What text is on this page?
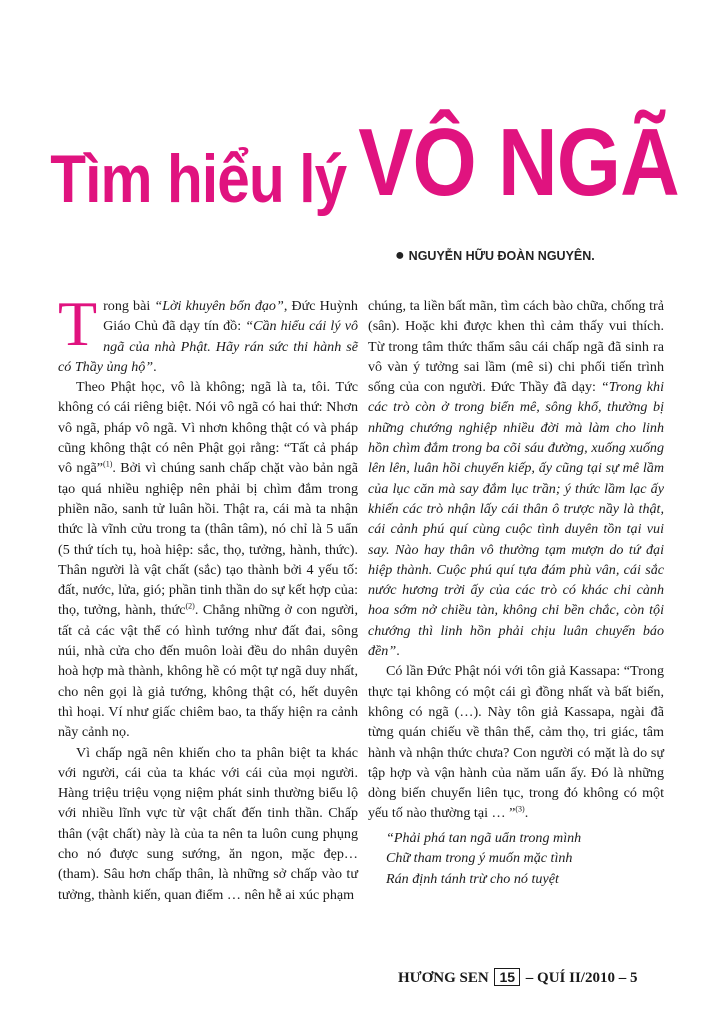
Tìm hiểu lý VÔ NGÃ
● NGUYỄN HỮU ĐOÀN NGUYÊN.

Trong bài “Lời khuyên bổn đạo”, Đức Huỳnh Giáo Chủ đã dạy tín đồ: “Cần hiểu cái lý vô ngã của nhà Phật. Hãy rán sức thi hành sẽ có Thầy ủng hộ”.

Theo Phật học, vô là không; ngã là ta, tôi. Tức không có cái riêng biệt. Nói vô ngã có hai thứ: Nhơn vô ngã, pháp vô ngã. Vì nhơn không thật có và pháp cũng không thật có nên Phật gọi rằng: “Tất cả pháp vô ngã”$^{(1)}$. Bởi vì chúng sanh chấp chặt vào bản ngã tạo quá nhiều nghiệp nên phải bị chìm đắm trong phiền não, sanh tử luân hồi. Thật ra, cái mà ta nhận thức là vĩnh cửu trong ta (thân tâm), nó chỉ là 5 uẩn (5 thứ tích tụ, hoà hiệp: sắc, thọ, tưởng, hành, thức). Thân người là vật chất (sắc) tạo thành bởi 4 yếu tố: đất, nước, lửa, gió; phần tinh thần do sự kết hợp của: thọ, tưởng, hành, thức$^{(2)}$. Chẳng những ở con người, tất cả các vật thể có hình tướng như đất đai, sông núi, nhà cửa cho đến muôn loài đều do nhân duyên hoà hợp mà thành, không hề có một tự ngã duy nhất, cho nên gọi là giả tướng, không thật có, hết duyên thì hoại. Ví như giấc chiêm bao, ta thấy hiện ra cảnh nầy cảnh nọ.

Vì chấp ngã nên khiến cho ta phân biệt ta khác với người, cái của ta khác với cái của mọi người. Hàng triệu triệu vọng niệm phát sinh thường biểu lộ với nhiều lĩnh vực từ vật chất đến tinh thần. Chấp thân (vật chất) này là của ta nên ta luôn cung phụng cho nó được sung sướng, ăn ngon, mặc đẹp… (tham). Sâu hơn chấp thân, là những sở chấp vào tư tưởng, thành kiến, quan điểm … nên hễ ai xúc phạm

chúng, ta liền bất mãn, tìm cách bào chữa, chống trả (sân). Hoặc khi được khen thì cảm thấy vui thích. Từ trong tâm thức thẩm sâu cái chấp ngã đã sinh ra vô vàn ý tưởng sai lầm (mê si) chi phối tiến trình sống của con người. Đức Thầy đã dạy: “Trong khi các trò còn ở trong biển mê, sông khổ, thường bị những chướng nghiệp nhiều đời mà làm cho linh hồn chìm đắm trong ba cõi sáu đường, xuống xuống lên lên, luân hồi chuyển kiếp, ấy cũng tại sự mê lầm của lục căn mà say đắm lục trần; ý thức lầm lạc ấy khiến các trò nhận lấy cái thân ô trược nầy là thật, cái cảnh phú quí cùng cuộc tình duyên tồn tại vui say. Nào hay thân vô thường tạm mượn do tứ đại hiệp thành. Cuộc phú quí tựa đám phù vân, cái sắc nước hương trời ấy của các trò có khác chi cành hoa sớm nở chiều tàn, không chi bền chắc, còn tội chướng thì linh hồn phải chịu luân chuyển báo đền”.

Có lần Đức Phật nói với tôn giả Kassapa: “Trong thực tại không có một cái gì đồng nhất và bất biến, không có ngã (…). Này tôn giả Kassapa, ngài đã từng quán chiếu về thân thể, cảm thọ, tri giác, tâm hành và nhận thức chưa? Con người có mặt là do sự tập hợp và vận hành của năm uẩn ấy. Đó là những dòng biến chuyển liên tục, trong đó không có một yếu tố nào thường tại … ”$^{(3)}$.

“Phải phá tan ngã uẩn trong mình
Chữ tham trong ý muốn mặc tình
Rán định tánh trừ cho nó tuyệt
HƯƠNG SEN 15 – QUÍ II/2010 – 5
